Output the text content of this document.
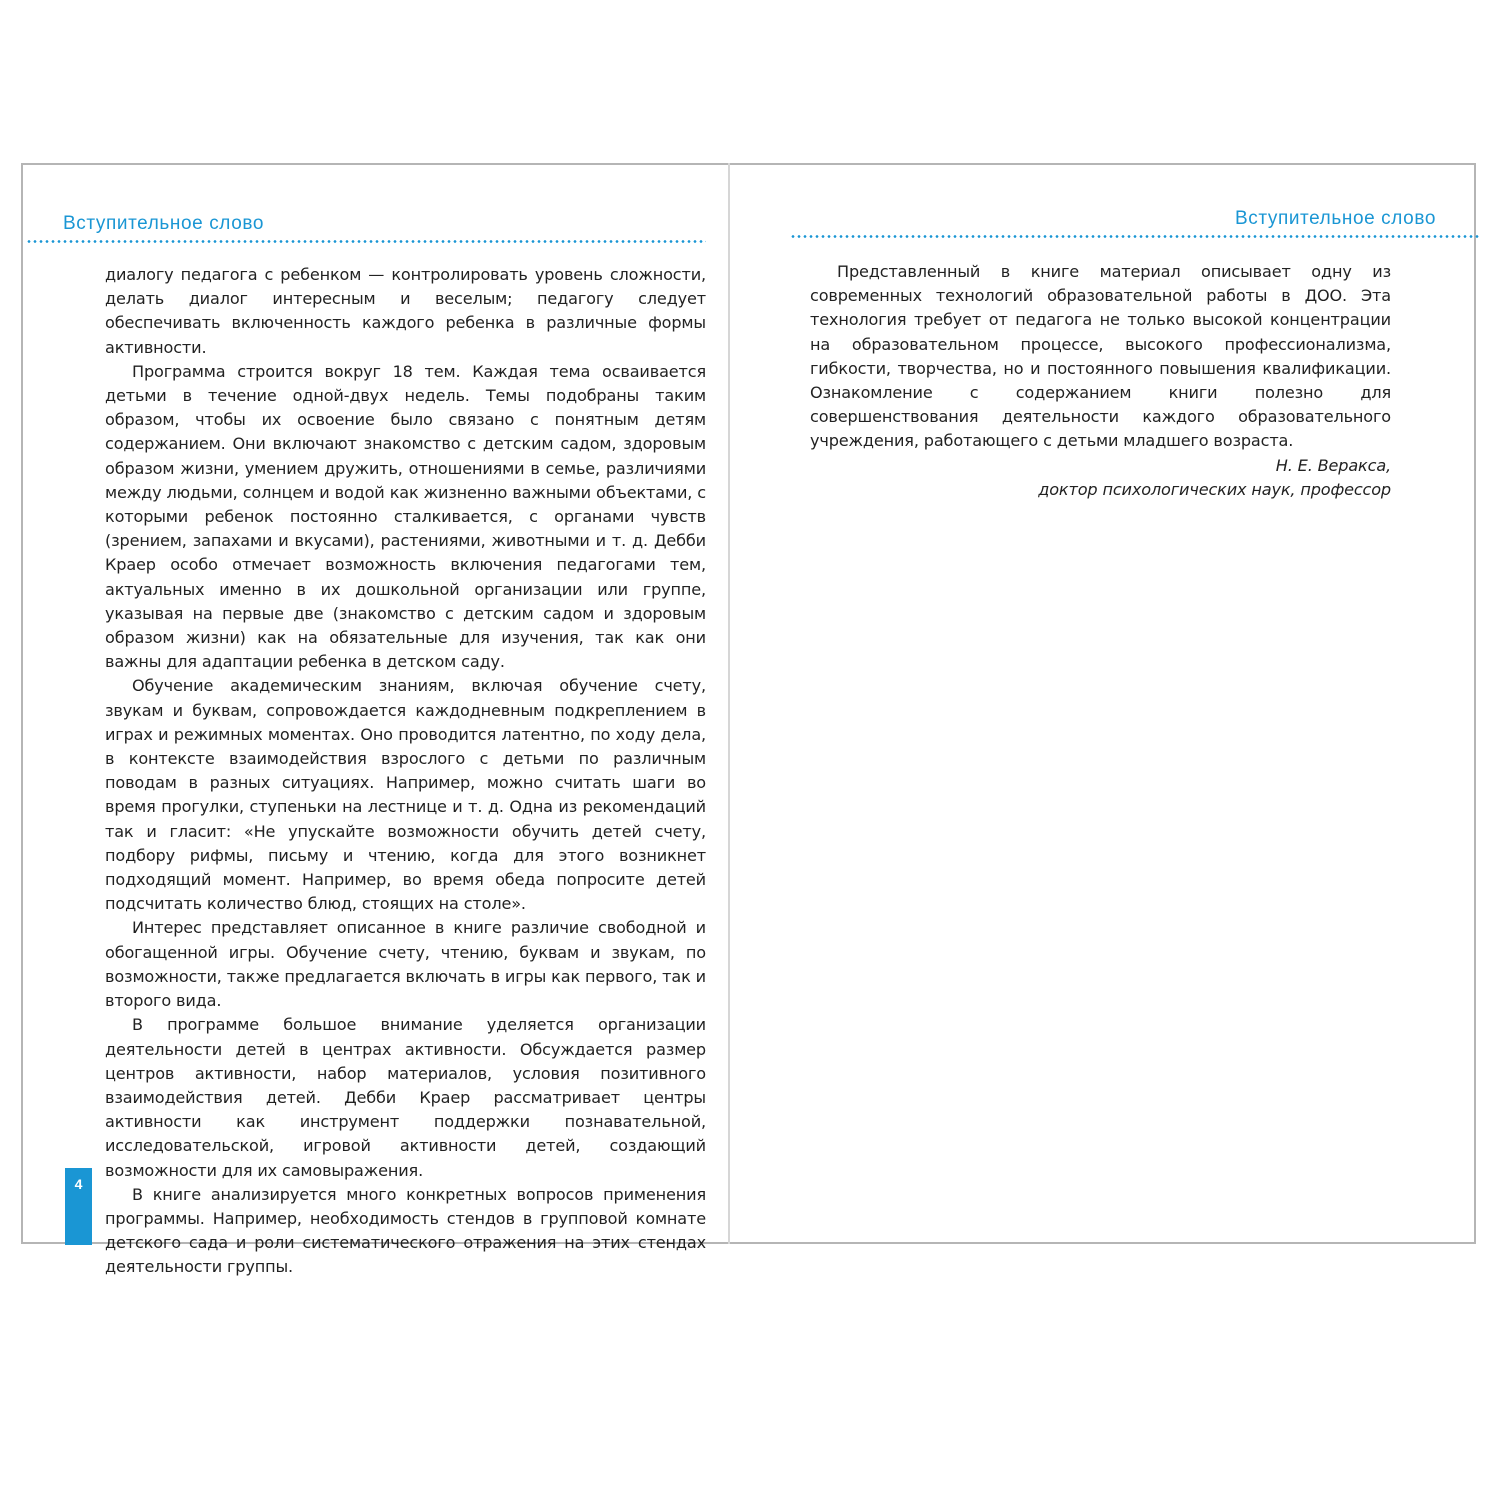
Вступительное слово

диалогу педагога с ребенком — контролировать уровень сложности, делать диалог интересным и веселым; педагогу следует обеспечивать включенность каждого ребенка в различные формы активности.

Программа строится вокруг 18 тем. Каждая тема осваивается детьми в течение одной-двух недель. Темы подобраны таким образом, чтобы их освоение было связано с понятным детям содержанием. Они включают знакомство с детским садом, здоровым образом жизни, умением дружить, отношениями в семье, различиями между людьми, солнцем и водой как жизненно важными объектами, с которыми ребенок постоянно сталкивается, с органами чувств (зрением, запахами и вкусами), растениями, животными и т. д. Дебби Краер особо отмечает возможность включения педагогами тем, актуальных именно в их дошкольной организации или группе, указывая на первые две (знакомство с детским садом и здоровым образом жизни) как на обязательные для изучения, так как они важны для адаптации ребенка в детском саду.

Обучение академическим знаниям, включая обучение счету, звукам и буквам, сопровождается каждодневным подкреплением в играх и режимных моментах. Оно проводится латентно, по ходу дела, в контексте взаимодействия взрослого с детьми по различным поводам в разных ситуациях. Например, можно считать шаги во время прогулки, ступеньки на лестнице и т. д. Одна из рекомендаций так и гласит: «Не упускайте возможности обучить детей счету, подбору рифмы, письму и чтению, когда для этого возникнет подходящий момент. Например, во время обеда попросите детей подсчитать количество блюд, стоящих на столе».

Интерес представляет описанное в книге различие свободной и обогащенной игры. Обучение счету, чтению, буквам и звукам, по возможности, также предлагается включать в игры как первого, так и второго вида.

В программе большое внимание уделяется организации деятельности детей в центрах активности. Обсуждается размер центров активности, набор материалов, условия позитивного взаимодействия детей. Дебби Краер рассматривает центры активности как инструмент поддержки познавательной, исследовательской, игровой активности детей, создающий возможности для их самовыражения.

В книге анализируется много конкретных вопросов применения программы. Например, необходимость стендов в групповой комнате детского сада и роли систематического отражения на этих стендах деятельности группы.

4
Вступительное слово

Представленный в книге материал описывает одну из современных технологий образовательной работы в ДОО. Эта технология требует от педагога не только высокой концентрации на образовательном процессе, высокого профессионализма, гибкости, творчества, но и постоянного повышения квалификации. Ознакомление с содержанием книги полезно для совершенствования деятельности каждого образовательного учреждения, работающего с детьми младшего возраста.

Н. Е. Веракса,

доктор психологических наук, профессор
